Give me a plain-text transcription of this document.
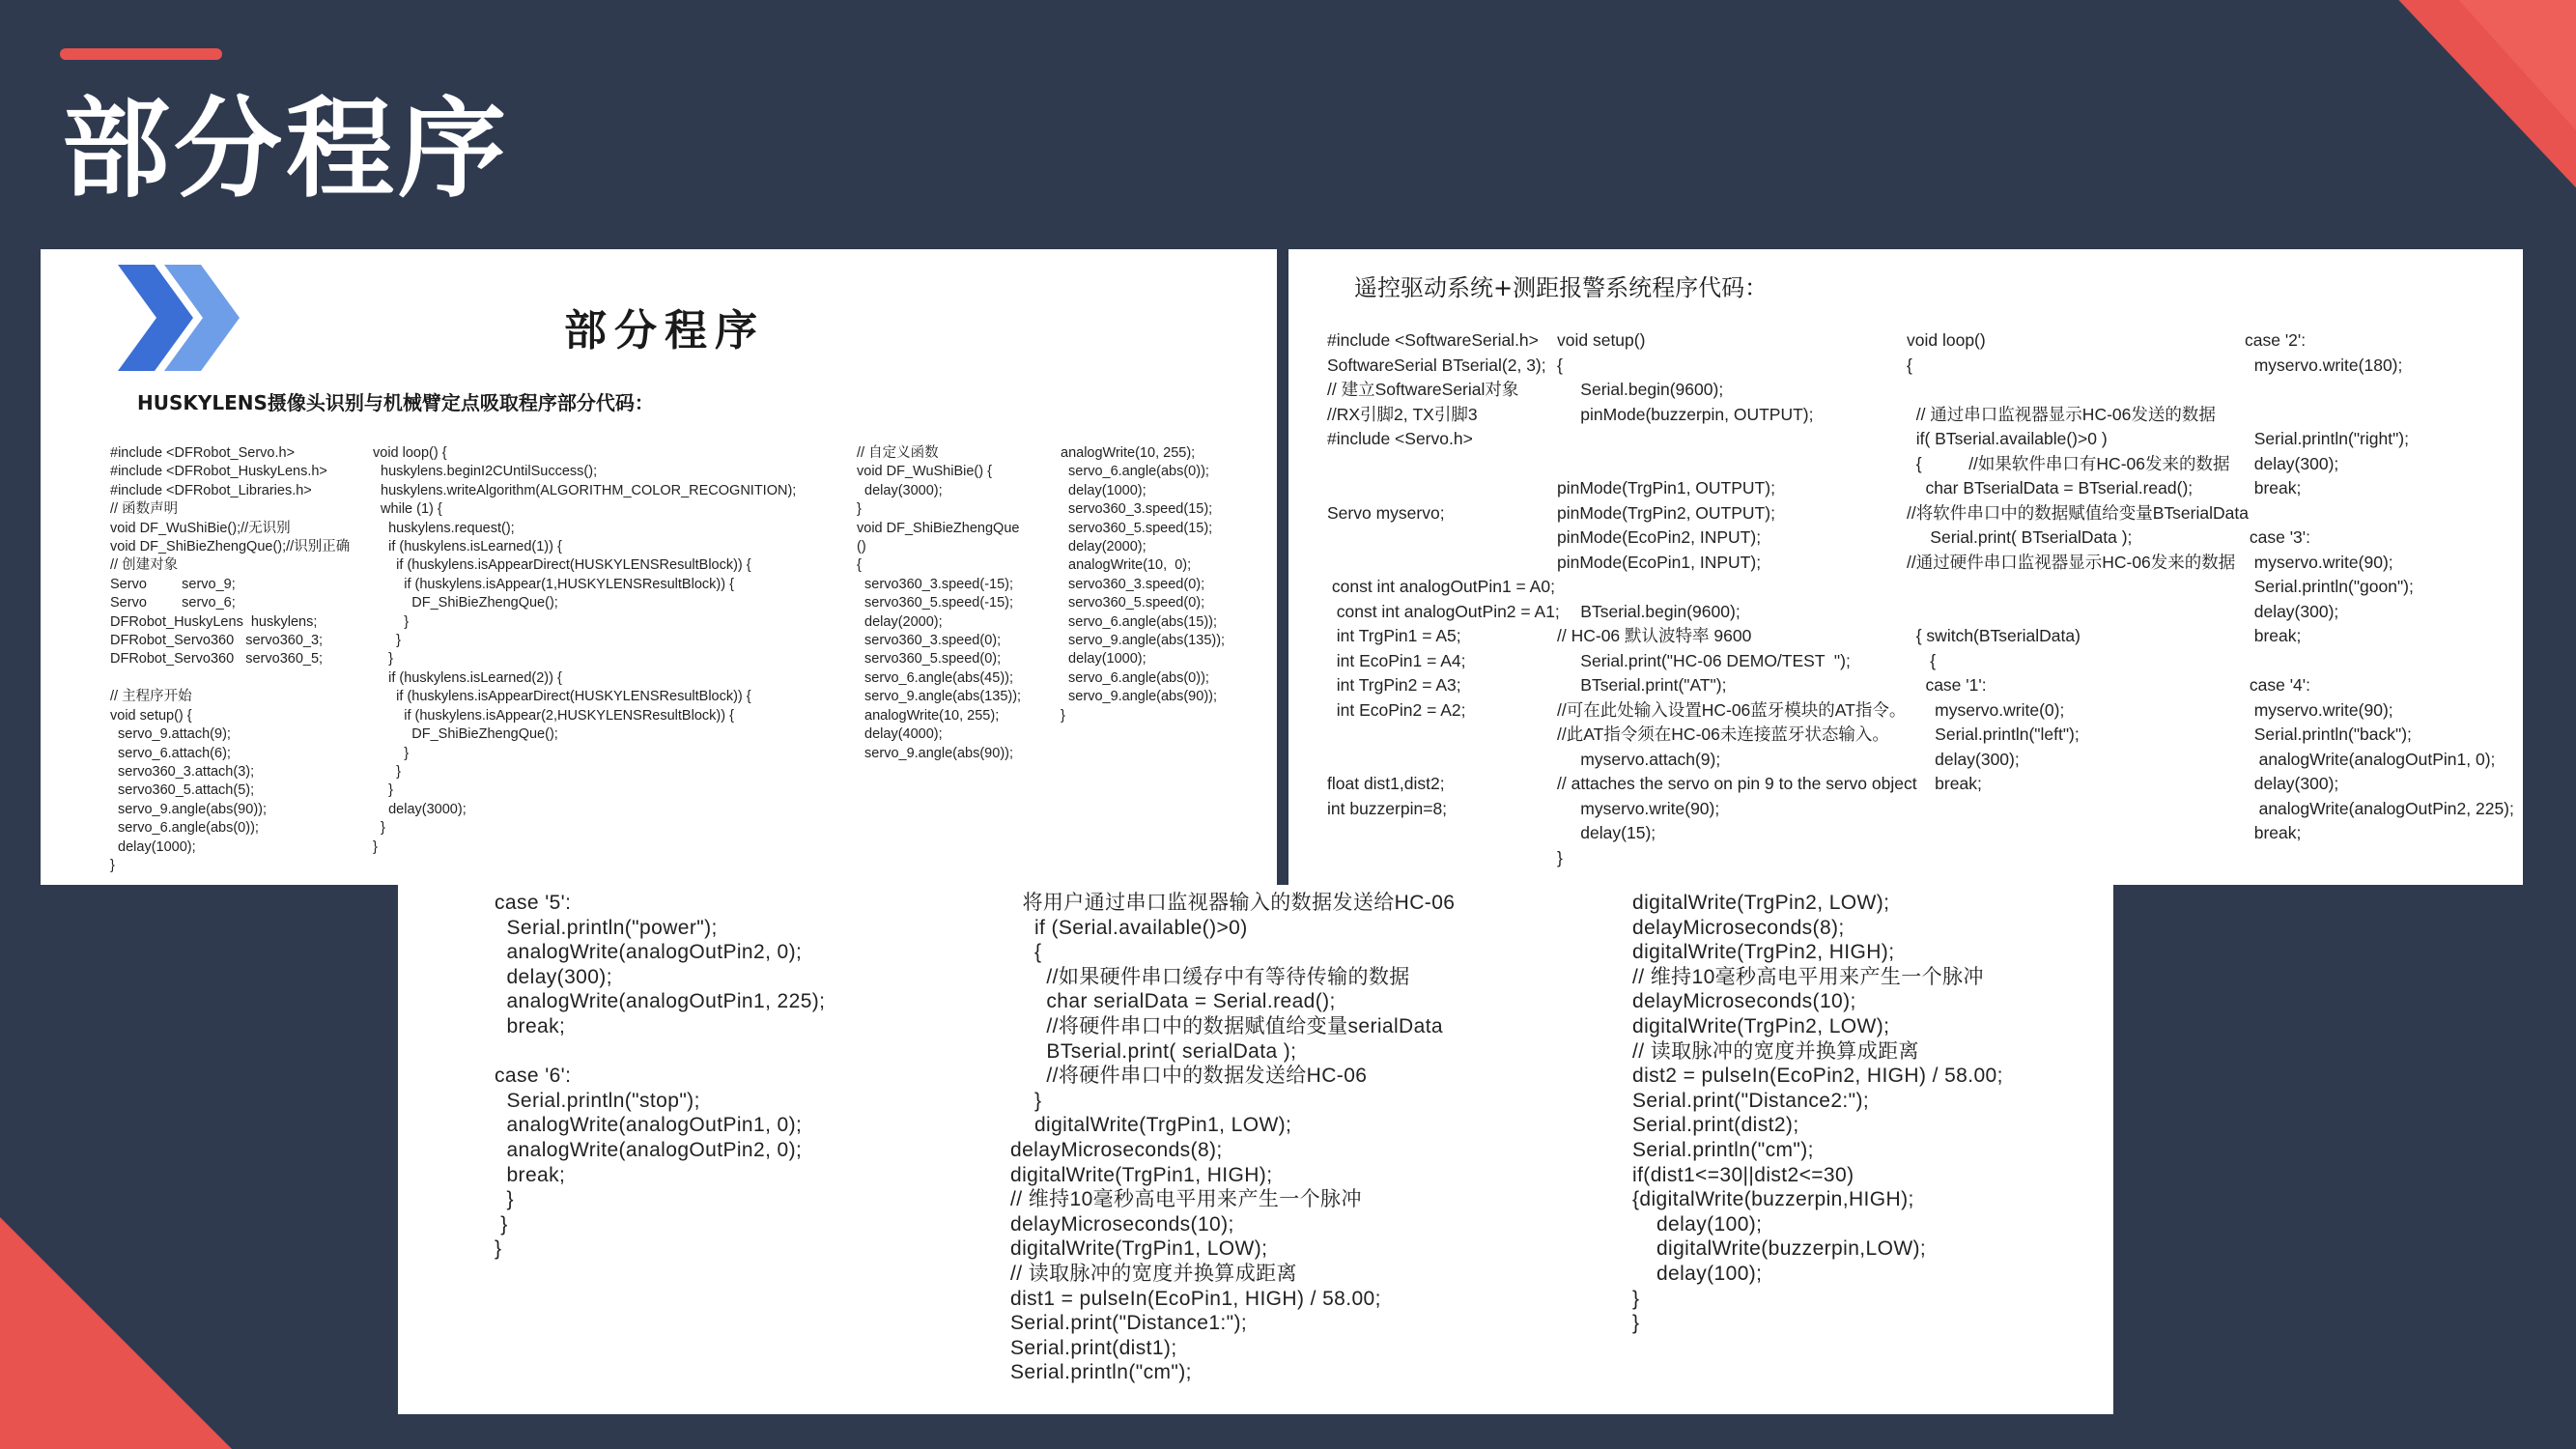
部分程序
部分程序
HUSKYLENS摄像头识别与机械臂定点吸取程序部分代码：
#include <DFRobot_Servo.h>
#include <DFRobot_HuskyLens.h>
#include <DFRobot_Libraries.h>
// 函数声明
void DF_WuShiBie();//无识别
void DF_ShiBieZhengQue();//识别正确
// 创建对象
Servo         servo_9;
Servo         servo_6;
DFRobot_HuskyLens  huskylens;
DFRobot_Servo360   servo360_3;
DFRobot_Servo360   servo360_5;

// 主程序开始
void setup() {
servo_9.attach(9);
servo_6.attach(6);
servo360_3.attach(3);
servo360_5.attach(5);
servo_9.angle(abs(90));
servo_6.angle(abs(0));
delay(1000);
}
void loop() {
huskylens.beginI2CUntilSuccess();
huskylens.writeAlgorithm(ALGORITHM_COLOR_RECOGNITION);
while (1) {
huskylens.request();
if (huskylens.isLearned(1)) {
if (huskylens.isAppearDirect(HUSKYLENSResultBlock)) {
if (huskylens.isAppear(1,HUSKYLENSResultBlock)) {
DF_ShiBieZhengQue();
}
}
}
if (huskylens.isLearned(2)) {
if (huskylens.isAppearDirect(HUSKYLENSResultBlock)) {
if (huskylens.isAppear(2,HUSKYLENSResultBlock)) {
DF_ShiBieZhengQue();
}
}
}
delay(3000);
}
}
// 自定义函数
void DF_WuShiBie() {
delay(3000);
}
void DF_ShiBieZhengQue
()
{
servo360_3.speed(-15);
servo360_5.speed(-15);
delay(2000);
servo360_3.speed(0);
servo360_5.speed(0);
servo_6.angle(abs(45));
servo_9.angle(abs(135));
analogWrite(10, 255);
delay(4000);
servo_9.angle(abs(90));
analogWrite(10, 255);
servo_6.angle(abs(0));
delay(1000);
servo360_3.speed(15);
servo360_5.speed(15);
delay(2000);
analogWrite(10,  0);
servo360_3.speed(0);
servo360_5.speed(0);
servo_6.angle(abs(15));
servo_9.angle(abs(135));
delay(1000);
servo_6.angle(abs(0));
servo_9.angle(abs(90));
}
遥控驱动系统+测距报警系统程序代码：
#include <SoftwareSerial.h>
SoftwareSerial BTserial(2, 3);
// 建立SoftwareSerial对象
//RX引脚2, TX引脚3
#include <Servo.h>

Servo myservo;

const int analogOutPin1 = A0;
const int analogOutPin2 = A1;
int TrgPin1 = A5;
int EcoPin1 = A4;
int TrgPin2 = A3;
int EcoPin2 = A2;

float dist1,dist2;
int buzzerpin=8;
void setup()
{
Serial.begin(9600);
pinMode(buzzerpin, OUTPUT);

pinMode(TrgPin1, OUTPUT);
pinMode(TrgPin2, OUTPUT);
pinMode(EcoPin2, INPUT);
pinMode(EcoPin1, INPUT);

BTserial.begin(9600);
// HC-06 默认波特率 9600
Serial.print("HC-06 DEMO/TEST  ");
BTserial.print("AT");
//可在此处输入设置HC-06蓝牙模块的AT指令。
//此AT指令须在HC-06未连接蓝牙状态输入。
myservo.attach(9);
// attaches the servo on pin 9 to the servo object
myservo.write(90);
delay(15);
}
void loop()
{

// 通过串口监视器显示HC-06发送的数据
if( BTserial.available()>0 )
{          //如果软件串口有HC-06发来的数据
char BTserialData = BTserial.read();
//将软件串口中的数据赋值给变量BTserialData
Serial.print( BTserialData );
//通过硬件串口监视器显示HC-06发来的数据

{ switch(BTserialData)
{
case '1':
myservo.write(0);
Serial.println("left");
delay(300);
break;
case '2':
myservo.write(180);

Serial.println("right");
delay(300);
break;

case '3':
myservo.write(90);
Serial.println("goon");
delay(300);
break;

case '4':
myservo.write(90);
Serial.println("back");
analogWrite(analogOutPin1, 0);
delay(300);
analogWrite(analogOutPin2, 225);
break;
case '5':
Serial.println("power");
analogWrite(analogOutPin2, 0);
delay(300);
analogWrite(analogOutPin1, 225);
break;

case '6':
Serial.println("stop");
analogWrite(analogOutPin1, 0);
analogWrite(analogOutPin2, 0);
break;
}
}
}
将用户通过串口监视器输入的数据发送给HC-06
if (Serial.available()>0)
{
//如果硬件串口缓存中有等待传输的数据
char serialData = Serial.read();
//将硬件串口中的数据赋值给变量serialData
BTserial.print( serialData );
//将硬件串口中的数据发送给HC-06
}
digitalWrite(TrgPin1, LOW);
delayMicroseconds(8);
digitalWrite(TrgPin1, HIGH);
// 维持10毫秒高电平用来产生一个脉冲
delayMicroseconds(10);
digitalWrite(TrgPin1, LOW);
// 读取脉冲的宽度并换算成距离
dist1 = pulseIn(EcoPin1, HIGH) / 58.00;
Serial.print("Distance1:");
Serial.print(dist1);
Serial.println("cm");
digitalWrite(TrgPin2, LOW);
delayMicroseconds(8);
digitalWrite(TrgPin2, HIGH);
// 维持10毫秒高电平用来产生一个脉冲
delayMicroseconds(10);
digitalWrite(TrgPin2, LOW);
// 读取脉冲的宽度并换算成距离
dist2 = pulseIn(EcoPin2, HIGH) / 58.00;
Serial.print("Distance2:");
Serial.print(dist2);
Serial.println("cm");
if(dist1<=30||dist2<=30)
{digitalWrite(buzzerpin,HIGH);
delay(100);
digitalWrite(buzzerpin,LOW);
delay(100);
}
}
